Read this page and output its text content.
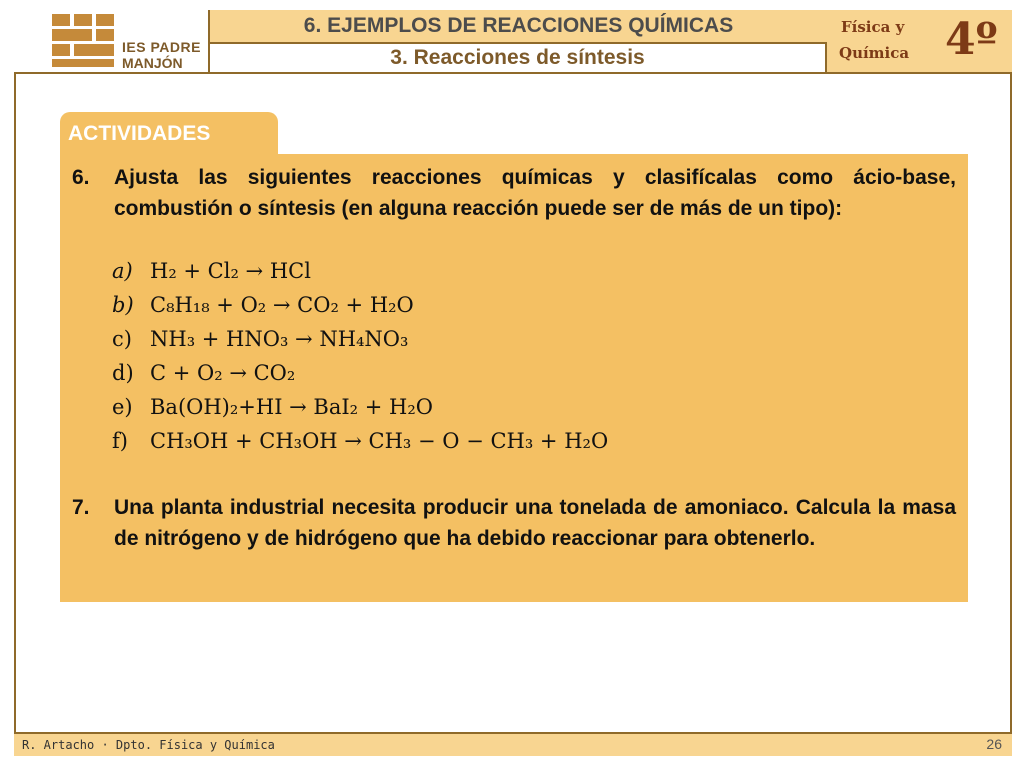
IES PADRE
MANJÓN
6. EJEMPLOS DE REACCIONES QUÍMICAS
3. Reacciones de síntesis
Física y
Química 4º
ACTIVIDADES
6. Ajusta las siguientes reacciones químicas y clasifícalas como ácio-base, combustión o síntesis (en alguna reacción puede ser de más de un tipo):
a) H₂ + Cl₂ → HCl
b) C₈H₁₈ + O₂ → CO₂ + H₂O
c) NH₃ + HNO₃ → NH₄NO₃
d) C + O₂ → CO₂
e) Ba(OH)₂+HI → BaI₂ + H₂O
f) CH₃OH + CH₃OH → CH₃ − O − CH₃ + H₂O
7. Una planta industrial necesita producir una tonelada de amoniaco. Calcula la masa de nitrógeno y de hidrógeno que ha debido reaccionar para obtenerlo.
R. Artacho · Dpto. Física y Química	26
